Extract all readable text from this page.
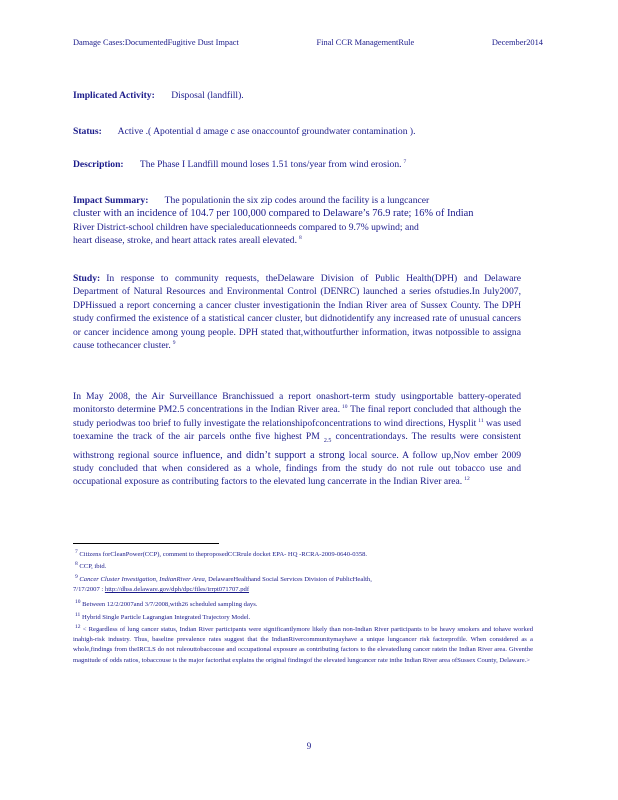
Damage Cases:DocumentedFugitive Dust Impact	Final CCR ManagementRule	December2014
Implicated Activity: Disposal (landfill).
Status: Active .( Apotential d amage c ase onaccountof groundwater contamination ).
Description: The Phase I Landfill mound loses 1.51 tons/year from wind erosion. $^7$
Impact Summary: The populationin the six zip codes around the facility is a lungcancer
cluster with an incidence of 104.7 per 100,000 compared to Delaware’s 76.9 rate; 16% of Indian
River District-school children have specialeducationneeds compared to 9.7% upwind; and
heart disease, stroke, and heart attack rates areall elevated. $^8$
Study: In response to community requests, theDelaware Division of Public Health(DPH) and Delaware Department of Natural Resources and Environmental Control (DENRC) launched a series ofstudies.In July2007, DPHissued a report concerning a cancer cluster investigationin the Indian River area of Sussex County. The DPH study confirmed the existence of a statistical cancer cluster, but didnotidentify any increased rate of unusual cancers or cancer incidence among young people. DPH stated that,withoutfurther information, itwas notpossible to assigna cause tothecancer cluster. $^9$
In May 2008, the Air Surveillance Branchissued a report onashort-term study usingportable battery-operated monitorsto determine PM2.5 concentrations in the Indian River area. $^{10}$ The final report concluded that although the study periodwas too brief to fully investigate the relationshipofconcentrations to wind directions, Hysplit $^{11}$ was used toexamine the track of the air parcels onthe five highest PM $_{2.5}$ concentrationdays. The results were consistent withstrong regional source influence, and didn’t support a strong local source. A follow up,Nov ember 2009 study concluded that when considered as a whole, findings from the study do not rule out tobacco use and occupational exposure as contributing factors to the elevated lung cancerrate in the Indian River area. $^{12}$
$^7$ Citizens forCleanPower(CCP), comment to theproposedCCRrule docket EPA- HQ -RCRA-2009-0640-0358.
$^8$ CCP, ibid.
$^9$ Cancer Cluster Investigation, IndianRiver Area, DelawareHealthand Social Services Division of PublicHealth,
7/17/2007 : http://dhss.delaware.gov/dph/dpc/files/irrpt071707.pdf
$^{10}$ Between 12/2/2007and 3/7/2008,with26 scheduled sampling days.
$^{11}$ Hybrid Single Particle Lagrangian Integrated Trajectory Model.
$^{12}$ < Regardless of lung cancer status, Indian River participants were significantlymore likely than non-Indian River participants to be heavy smokers and tohave worked inahigh-risk industry. Thus, baseline prevalence rates suggest that the IndianRivercommunitymayhave a unique lungcancer risk factorprofile. When considered as a whole,findings from theIRCLS do not ruleouttobaccouse and occupational exposure as contributing factors to the elevatedlung cancer ratein the Indian River area. Giventhe magnitude of odds ratios, tobaccouse is the major factorthat explains the original findingof the elevated lungcancer rate inthe Indian River area ofSussex County, Delaware.>
9
